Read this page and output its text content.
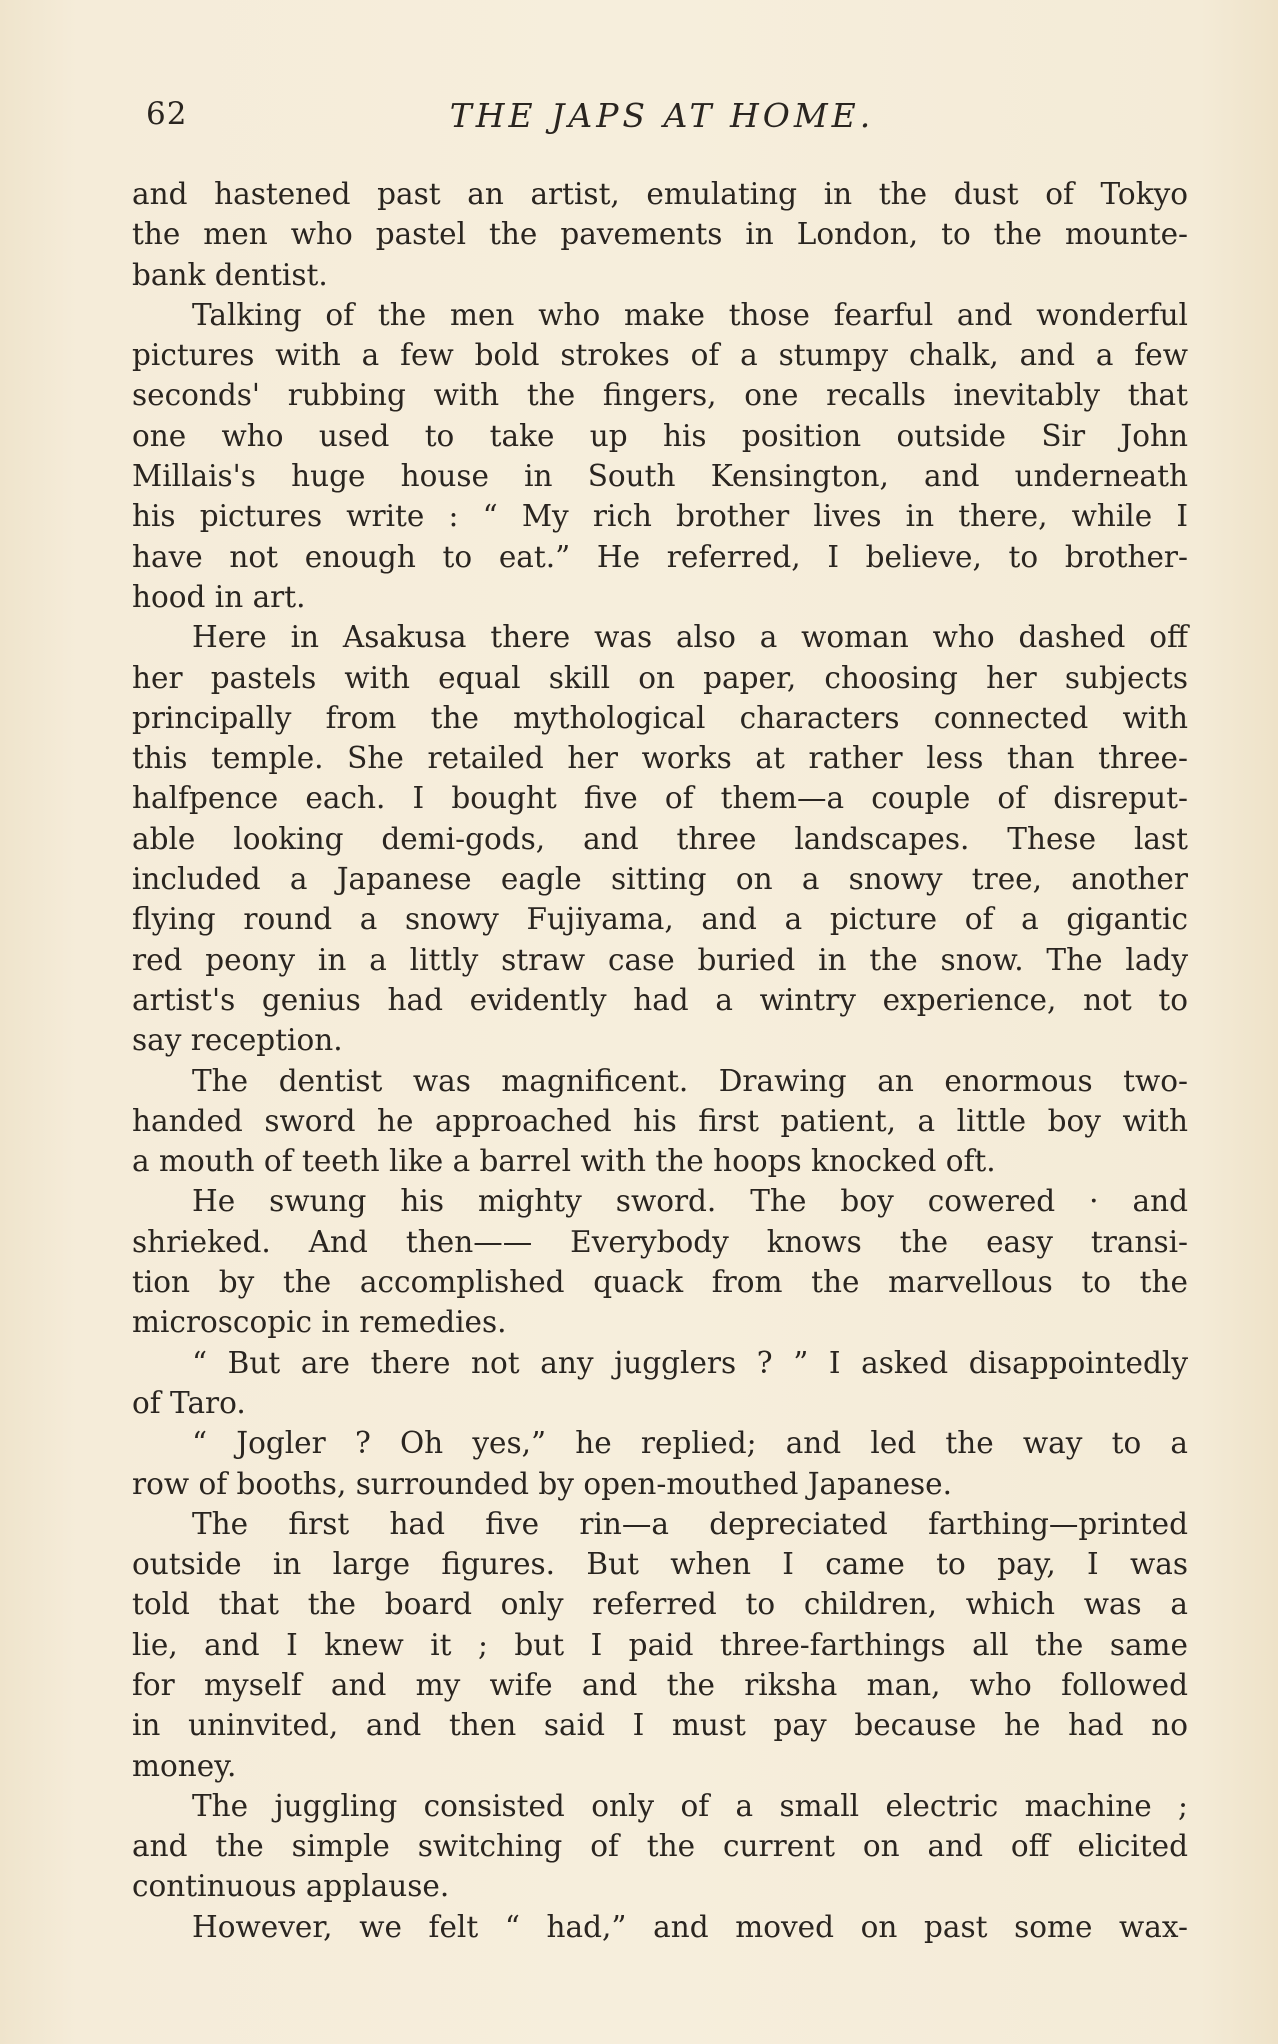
62	THE JAPS AT HOME.
and hastened past an artist, emulating in the dust of Tokyo
the men who pastel the pavements in London, to the mounte-
bank dentist.
Talking of the men who make those fearful and wonderful
pictures with a few bold strokes of a stumpy chalk, and a few
seconds' rubbing with the fingers, one recalls inevitably that
one who used to take up his position outside Sir John
Millais's huge house in South Kensington, and underneath
his pictures write : “ My rich brother lives in there, while I
have not enough to eat.” He referred, I believe, to brother-
hood in art.
Here in Asakusa there was also a woman who dashed off
her pastels with equal skill on paper, choosing her subjects
principally from the mythological characters connected with
this temple. She retailed her works at rather less than three-
halfpence each. I bought five of them—a couple of disreput-
able looking demi-gods, and three landscapes. These last
included a Japanese eagle sitting on a snowy tree, another
flying round a snowy Fujiyama, and a picture of a gigantic
red peony in a littly straw case buried in the snow. The lady
artist's genius had evidently had a wintry experience, not to
say reception.
The dentist was magnificent. Drawing an enormous two-
handed sword he approached his first patient, a little boy with
a mouth of teeth like a barrel with the hoops knocked oft.
He swung his mighty sword. The boy cowered · and
shrieked. And then—— Everybody knows the easy transi-
tion by the accomplished quack from the marvellous to the
microscopic in remedies.
“ But are there not any jugglers ? ” I asked disappointedly
of Taro.
“ Jogler ? Oh yes,” he replied; and led the way to a
row of booths, surrounded by open-mouthed Japanese.
The first had five rin—a depreciated farthing—printed
outside in large figures. But when I came to pay, I was
told that the board only referred to children, which was a
lie, and I knew it ; but I paid three-farthings all the same
for myself and my wife and the riksha man, who followed
in uninvited, and then said I must pay because he had no
money.
The juggling consisted only of a small electric machine ;
and the simple switching of the current on and off elicited
continuous applause.
However, we felt “ had,” and moved on past some wax-
